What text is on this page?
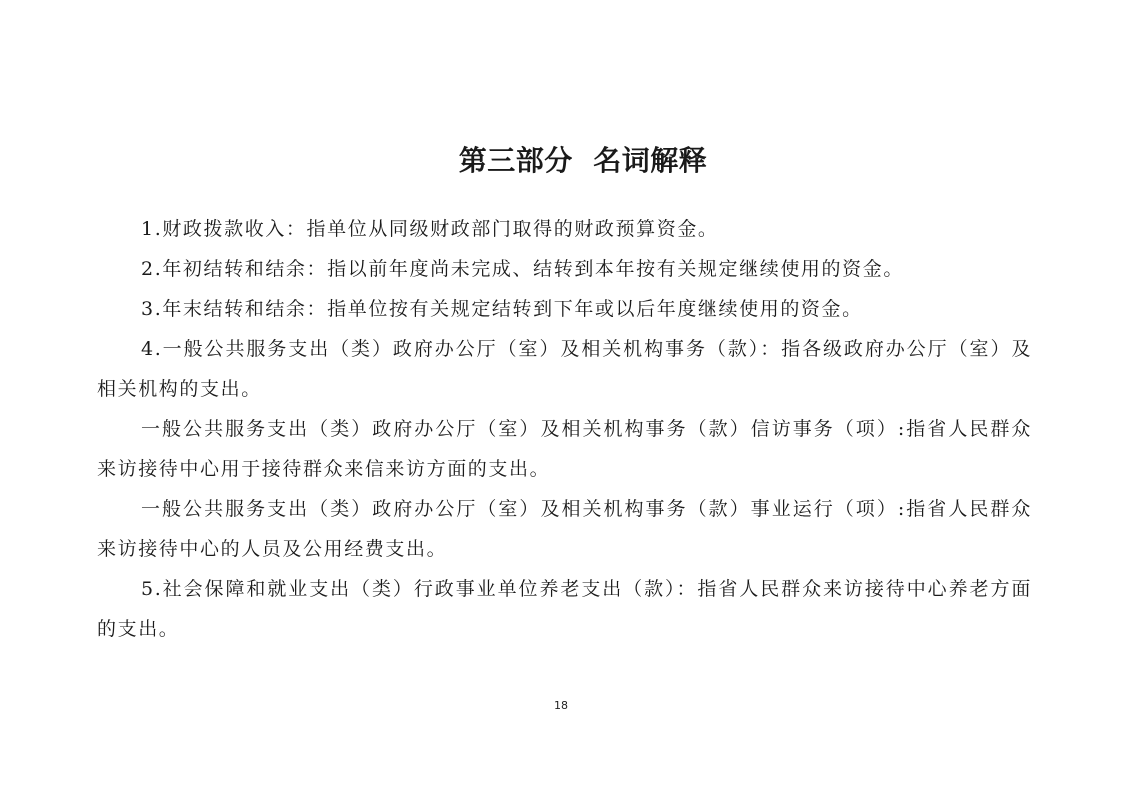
第三部分  名词解释

1.财政拨款收入：指单位从同级财政部门取得的财政预算资金。

2.年初结转和结余：指以前年度尚未完成、结转到本年按有关规定继续使用的资金。

3.年末结转和结余：指单位按有关规定结转到下年或以后年度继续使用的资金。

4.一般公共服务支出（类）政府办公厅（室）及相关机构事务（款）：指各级政府办公厅（室）及相关机构的支出。

一般公共服务支出（类）政府办公厅（室）及相关机构事务（款）信访事务（项）:指省人民群众来访接待中心用于接待群众来信来访方面的支出。

一般公共服务支出（类）政府办公厅（室）及相关机构事务（款）事业运行（项）:指省人民群众来访接待中心的人员及公用经费支出。

5.社会保障和就业支出（类）行政事业单位养老支出（款）：指省人民群众来访接待中心养老方面的支出。

18
